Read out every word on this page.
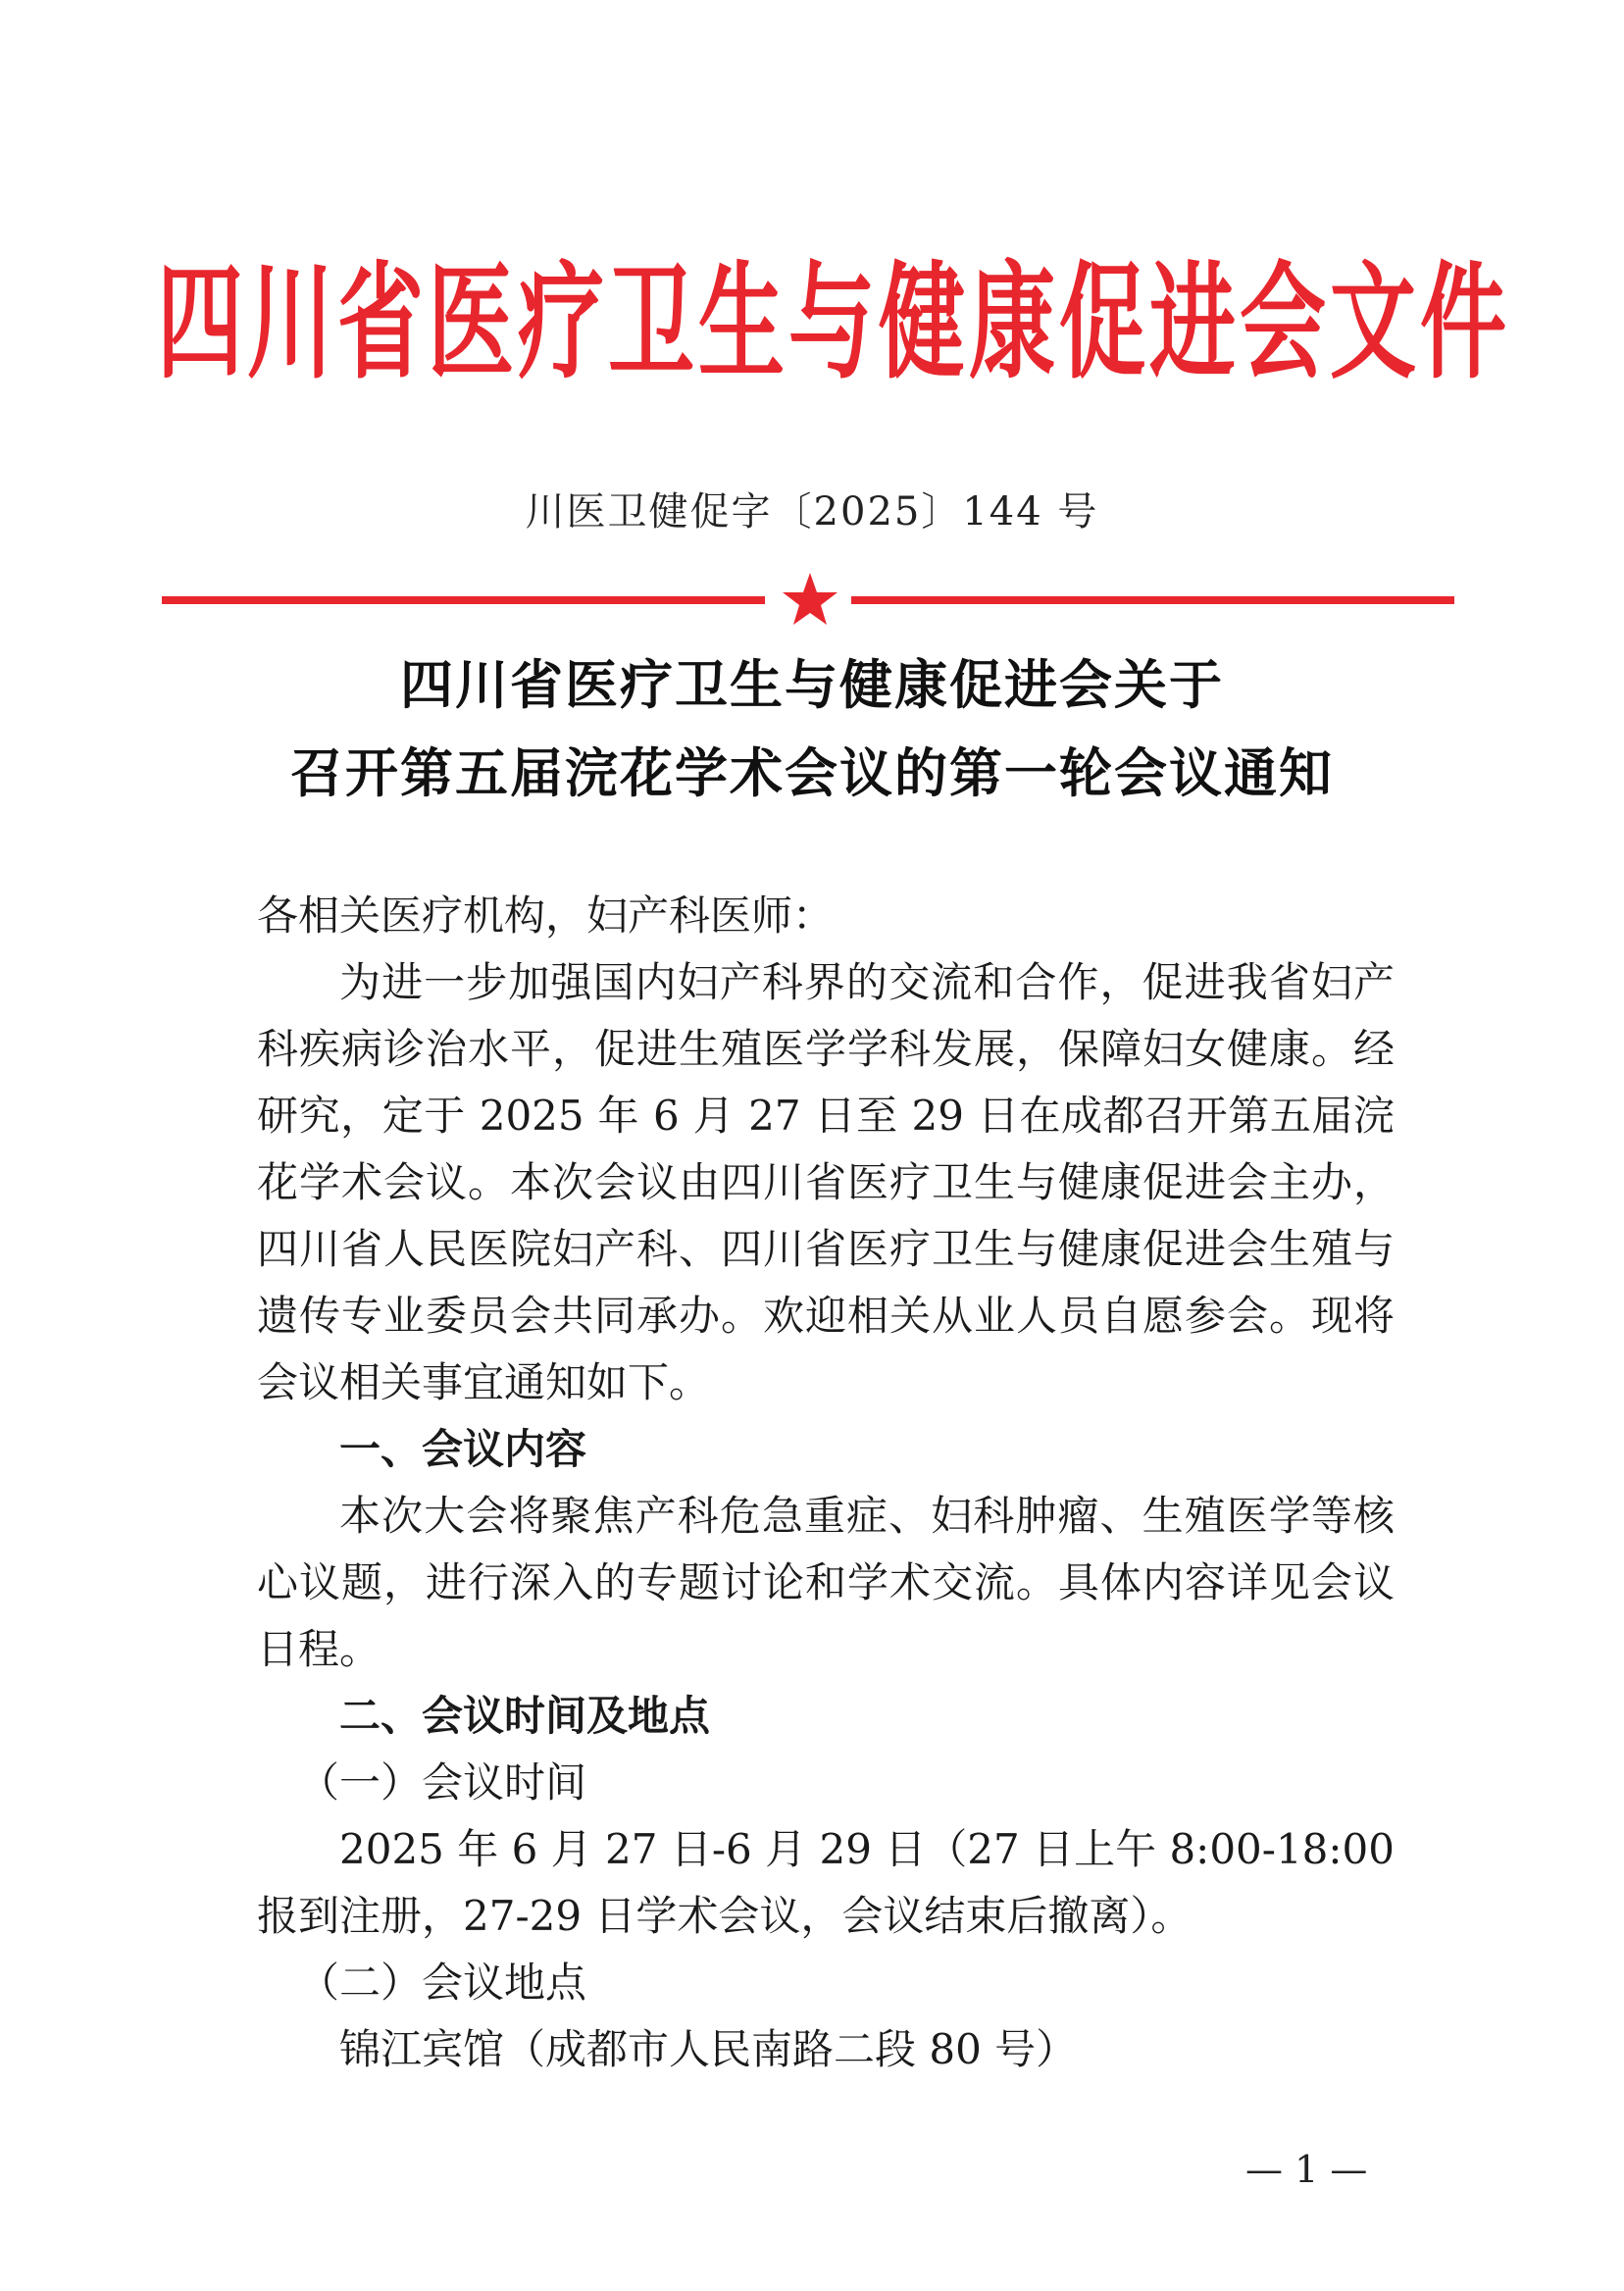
四川省医疗卫生与健康促进会文件
川医卫健促字〔2025〕144 号
四川省医疗卫生与健康促进会关于
召开第五届浣花学术会议的第一轮会议通知

各相关医疗机构，妇产科医师：

为进一步加强国内妇产科界的交流和合作，促进我省妇产科疾病诊治水平，促进生殖医学学科发展，保障妇女健康。经研究，定于 2025 年 6 月 27 日至 29 日在成都召开第五届浣花学术会议。本次会议由四川省医疗卫生与健康促进会主办，四川省人民医院妇产科、四川省医疗卫生与健康促进会生殖与遗传专业委员会共同承办。欢迎相关从业人员自愿参会。现将会议相关事宜通知如下。

一、会议内容

本次大会将聚焦产科危急重症、妇科肿瘤、生殖医学等核心议题，进行深入的专题讨论和学术交流。具体内容详见会议日程。

二、会议时间及地点

（一）会议时间

2025 年 6 月 27 日-6 月 29 日（27 日上午 8:00-18:00 报到注册，27-29 日学术会议，会议结束后撤离）。

（二）会议地点

锦江宾馆（成都市人民南路二段 80 号）

— 1 —
